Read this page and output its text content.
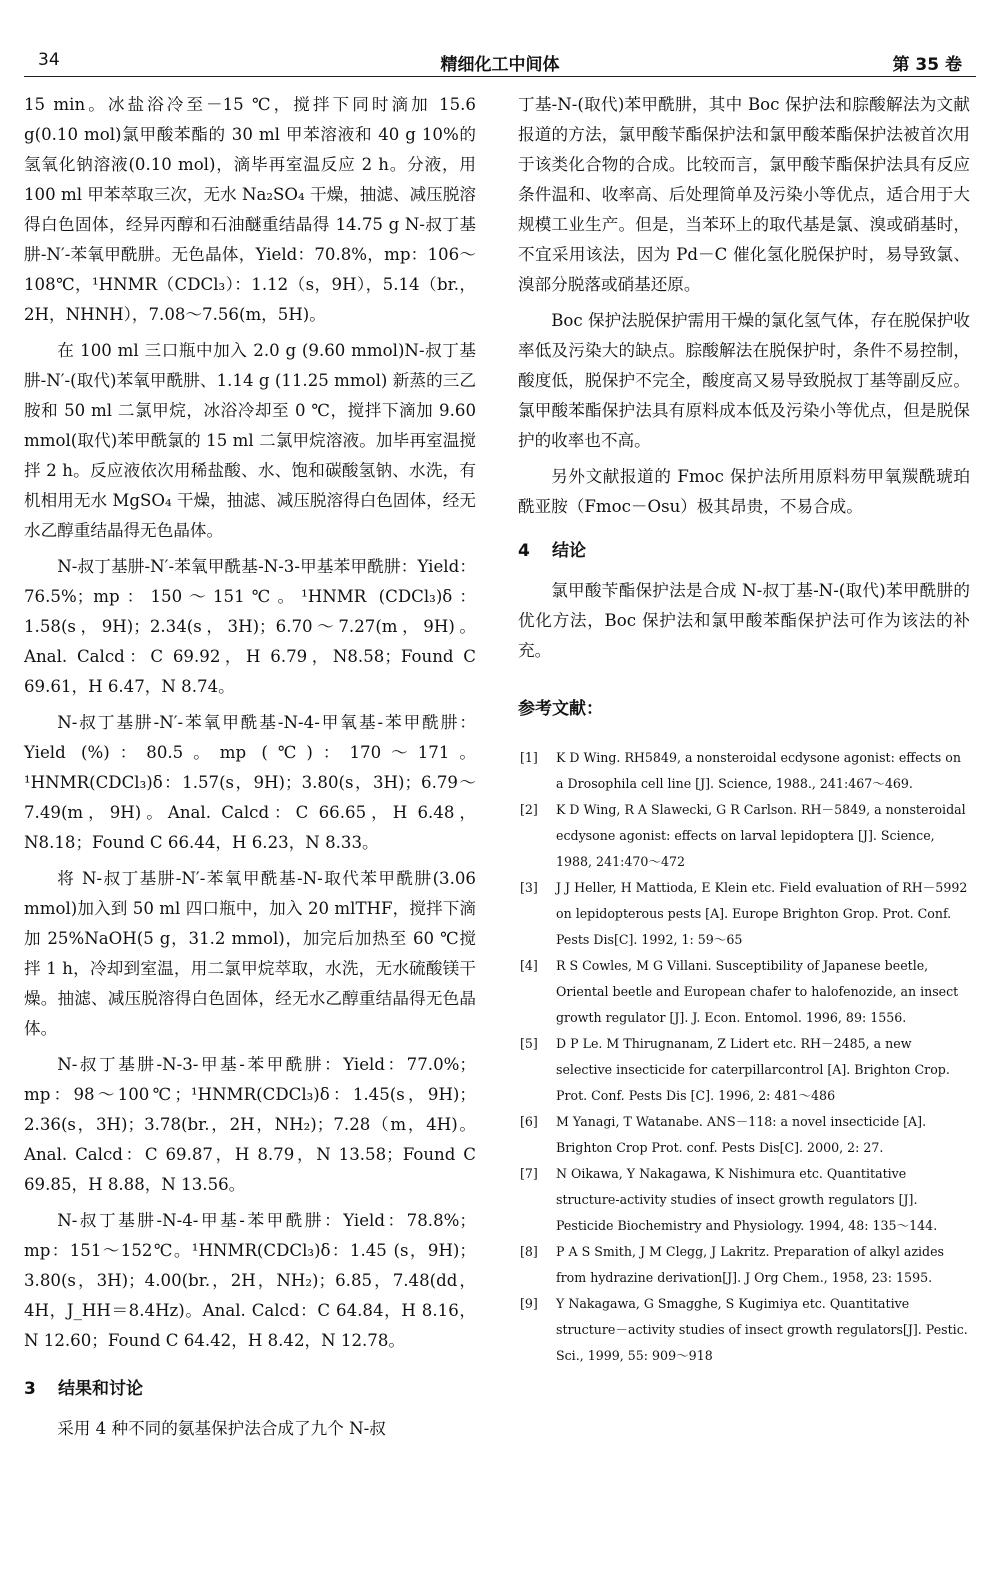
34	精细化工中间体	第 35 卷

15 min。冰盐浴冷至－15 ℃，搅拌下同时滴加 15.6 g(0.10 mol)氯甲酸苯酯的 30 ml 甲苯溶液和 40 g 10%的氢氧化钠溶液(0.10 mol)，滴毕再室温反应 2 h。分液，用 100 ml 甲苯萃取三次，无水 Na₂SO₄ 干燥，抽滤、减压脱溶得白色固体，经异丙醇和石油醚重结晶得 14.75 g N-叔丁基肼-N′-苯氧甲酰肼。无色晶体，Yield：70.8%，mp：106～108℃，¹HNMR（CDCl₃）：1.12（s，9H），5.14（br.，2H，NHNH），7.08～7.56(m，5H)。

在 100 ml 三口瓶中加入 2.0 g (9.60 mmol)N-叔丁基肼-N′-(取代)苯氧甲酰肼、1.14 g (11.25 mmol) 新蒸的三乙胺和 50 ml 二氯甲烷，冰浴冷却至 0 ℃，搅拌下滴加 9.60 mmol(取代)苯甲酰氯的 15 ml 二氯甲烷溶液。加毕再室温搅拌 2 h。反应液依次用稀盐酸、水、饱和碳酸氢钠、水洗，有机相用无水 MgSO₄ 干燥，抽滤、减压脱溶得白色固体，经无水乙醇重结晶得无色晶体。

N-叔丁基肼-N′-苯氧甲酰基-N-3-甲基苯甲酰肼：Yield：76.5%；mp：150～151℃。¹HNMR (CDCl₃)δ：1.58(s，9H)；2.34(s，3H)；6.70～7.27(m，9H)。Anal. Calcd：C 69.92，H 6.79，N8.58；Found C 69.61，H 6.47，N 8.74。

N-叔丁基肼-N′-苯氧甲酰基-N-4-甲氧基-苯甲酰肼：Yield (%)：80.5。mp (℃)：170～171。¹HNMR(CDCl₃)δ：1.57(s，9H)；3.80(s，3H)；6.79～7.49(m，9H)。Anal. Calcd：C 66.65，H 6.48，N8.18；Found C 66.44，H 6.23，N 8.33。

将 N-叔丁基肼-N′-苯氧甲酰基-N-取代苯甲酰肼(3.06 mmol)加入到 50 ml 四口瓶中，加入 20 mlTHF，搅拌下滴加 25%NaOH(5 g，31.2 mmol)，加完后加热至 60 ℃搅拌 1 h，冷却到室温，用二氯甲烷萃取，水洗，无水硫酸镁干燥。抽滤、减压脱溶得白色固体，经无水乙醇重结晶得无色晶体。

N-叔丁基肼-N-3-甲基-苯甲酰肼：Yield：77.0%；mp：98～100℃；¹HNMR(CDCl₃)δ：1.45(s，9H)；2.36(s，3H)；3.78(br.，2H，NH₂)；7.28（m，4H)。Anal. Calcd：C 69.87，H 8.79，N 13.58；Found C 69.85，H 8.88，N 13.56。

N-叔丁基肼-N-4-甲基-苯甲酰肼：Yield：78.8%；mp：151～152℃。¹HNMR(CDCl₃)δ：1.45 (s，9H)；3.80(s，3H)；4.00(br.，2H，NH₂)；6.85，7.48(dd，4H，J_HH＝8.4Hz)。Anal. Calcd：C 64.84，H 8.16，N 12.60；Found C 64.42，H 8.42，N 12.78。

3 结果和讨论

采用 4 种不同的氨基保护法合成了九个 N-叔

丁基-N-(取代)苯甲酰肼，其中 Boc 保护法和腙酸解法为文献报道的方法，氯甲酸苄酯保护法和氯甲酸苯酯保护法被首次用于该类化合物的合成。比较而言，氯甲酸苄酯保护法具有反应条件温和、收率高、后处理简单及污染小等优点，适合用于大规模工业生产。但是，当苯环上的取代基是氯、溴或硝基时，不宜采用该法，因为 Pd－C 催化氢化脱保护时，易导致氯、溴部分脱落或硝基还原。

Boc 保护法脱保护需用干燥的氯化氢气体，存在脱保护收率低及污染大的缺点。腙酸解法在脱保护时，条件不易控制，酸度低，脱保护不完全，酸度高又易导致脱叔丁基等副反应。氯甲酸苯酯保护法具有原料成本低及污染小等优点，但是脱保护的收率也不高。

另外文献报道的 Fmoc 保护法所用原料芴甲氧羰酰琥珀酰亚胺（Fmoc－Osu）极其昂贵，不易合成。

4 结论

氯甲酸苄酯保护法是合成 N-叔丁基-N-(取代)苯甲酰肼的优化方法，Boc 保护法和氯甲酸苯酯保护法可作为该法的补充。

参考文献：

[1] K D Wing. RH5849, a nonsteroidal ecdysone agonist: effects on a Drosophila cell line [J]. Science, 1988., 241:467～469.

[2] K D Wing, R A Slawecki, G R Carlson. RH－5849, a nonsteroidal ecdysone agonist: effects on larval lepidoptera [J]. Science, 1988, 241:470～472

[3] J J Heller, H Mattioda, E Klein etc. Field evaluation of RH－5992 on lepidopterous pests [A]. Europe Brighton Grop. Prot. Conf. Pests Dis[C]. 1992, 1: 59～65

[4] R S Cowles, M G Villani. Susceptibility of Japanese beetle, Oriental beetle and European chafer to halofenozide, an insect growth regulator [J]. J. Econ. Entomol. 1996, 89: 1556.

[5] D P Le. M Thirugnanam, Z Lidert etc. RH－2485, a new selective insecticide for caterpillarcontrol [A]. Brighton Crop. Prot. Conf. Pests Dis [C]. 1996, 2: 481～486

[6] M Yanagi, T Watanabe. ANS－118: a novel insecticide [A]. Brighton Crop Prot. conf. Pests Dis[C]. 2000, 2: 27.

[7] N Oikawa, Y Nakagawa, K Nishimura etc. Quantitative structure-activity studies of insect growth regulators [J]. Pesticide Biochemistry and Physiology. 1994, 48: 135～144.

[8] P A S Smith, J M Clegg, J Lakritz. Preparation of alkyl azides from hydrazine derivation[J]. J Org Chem., 1958, 23: 1595.

[9] Y Nakagawa, G Smagghe, S Kugimiya etc. Quantitative structure－activity studies of insect growth regulators[J]. Pestic. Sci., 1999, 55: 909～918
